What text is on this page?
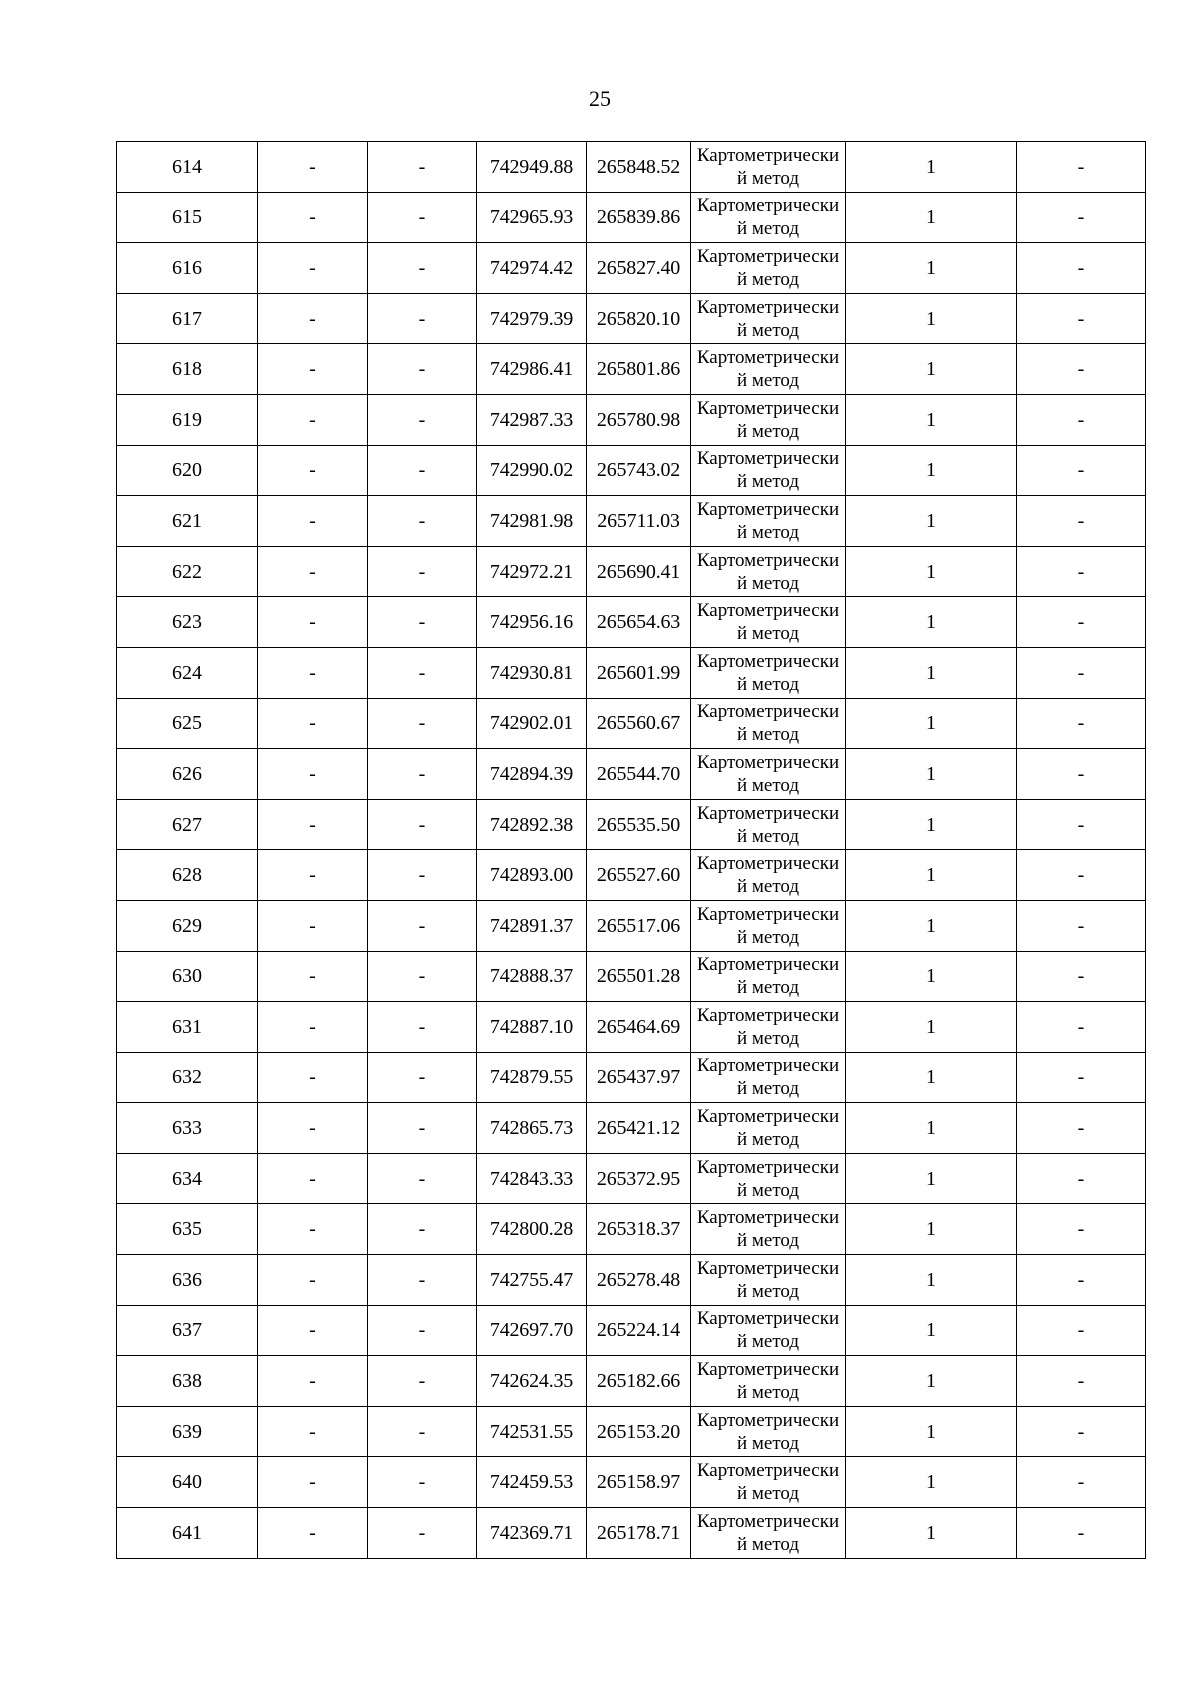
25
614	-	-	742949.88	265848.52	Картометрический метод	1	-
615	-	-	742965.93	265839.86	Картометрический метод	1	-
616	-	-	742974.42	265827.40	Картометрический метод	1	-
617	-	-	742979.39	265820.10	Картометрический метод	1	-
618	-	-	742986.41	265801.86	Картометрический метод	1	-
619	-	-	742987.33	265780.98	Картометрический метод	1	-
620	-	-	742990.02	265743.02	Картометрический метод	1	-
621	-	-	742981.98	265711.03	Картометрический метод	1	-
622	-	-	742972.21	265690.41	Картометрический метод	1	-
623	-	-	742956.16	265654.63	Картометрический метод	1	-
624	-	-	742930.81	265601.99	Картометрический метод	1	-
625	-	-	742902.01	265560.67	Картометрический метод	1	-
626	-	-	742894.39	265544.70	Картометрический метод	1	-
627	-	-	742892.38	265535.50	Картометрический метод	1	-
628	-	-	742893.00	265527.60	Картометрический метод	1	-
629	-	-	742891.37	265517.06	Картометрический метод	1	-
630	-	-	742888.37	265501.28	Картометрический метод	1	-
631	-	-	742887.10	265464.69	Картометрический метод	1	-
632	-	-	742879.55	265437.97	Картометрический метод	1	-
633	-	-	742865.73	265421.12	Картометрический метод	1	-
634	-	-	742843.33	265372.95	Картометрический метод	1	-
635	-	-	742800.28	265318.37	Картометрический метод	1	-
636	-	-	742755.47	265278.48	Картометрический метод	1	-
637	-	-	742697.70	265224.14	Картометрический метод	1	-
638	-	-	742624.35	265182.66	Картометрический метод	1	-
639	-	-	742531.55	265153.20	Картометрический метод	1	-
640	-	-	742459.53	265158.97	Картометрический метод	1	-
641	-	-	742369.71	265178.71	Картометрический метод	1	-
